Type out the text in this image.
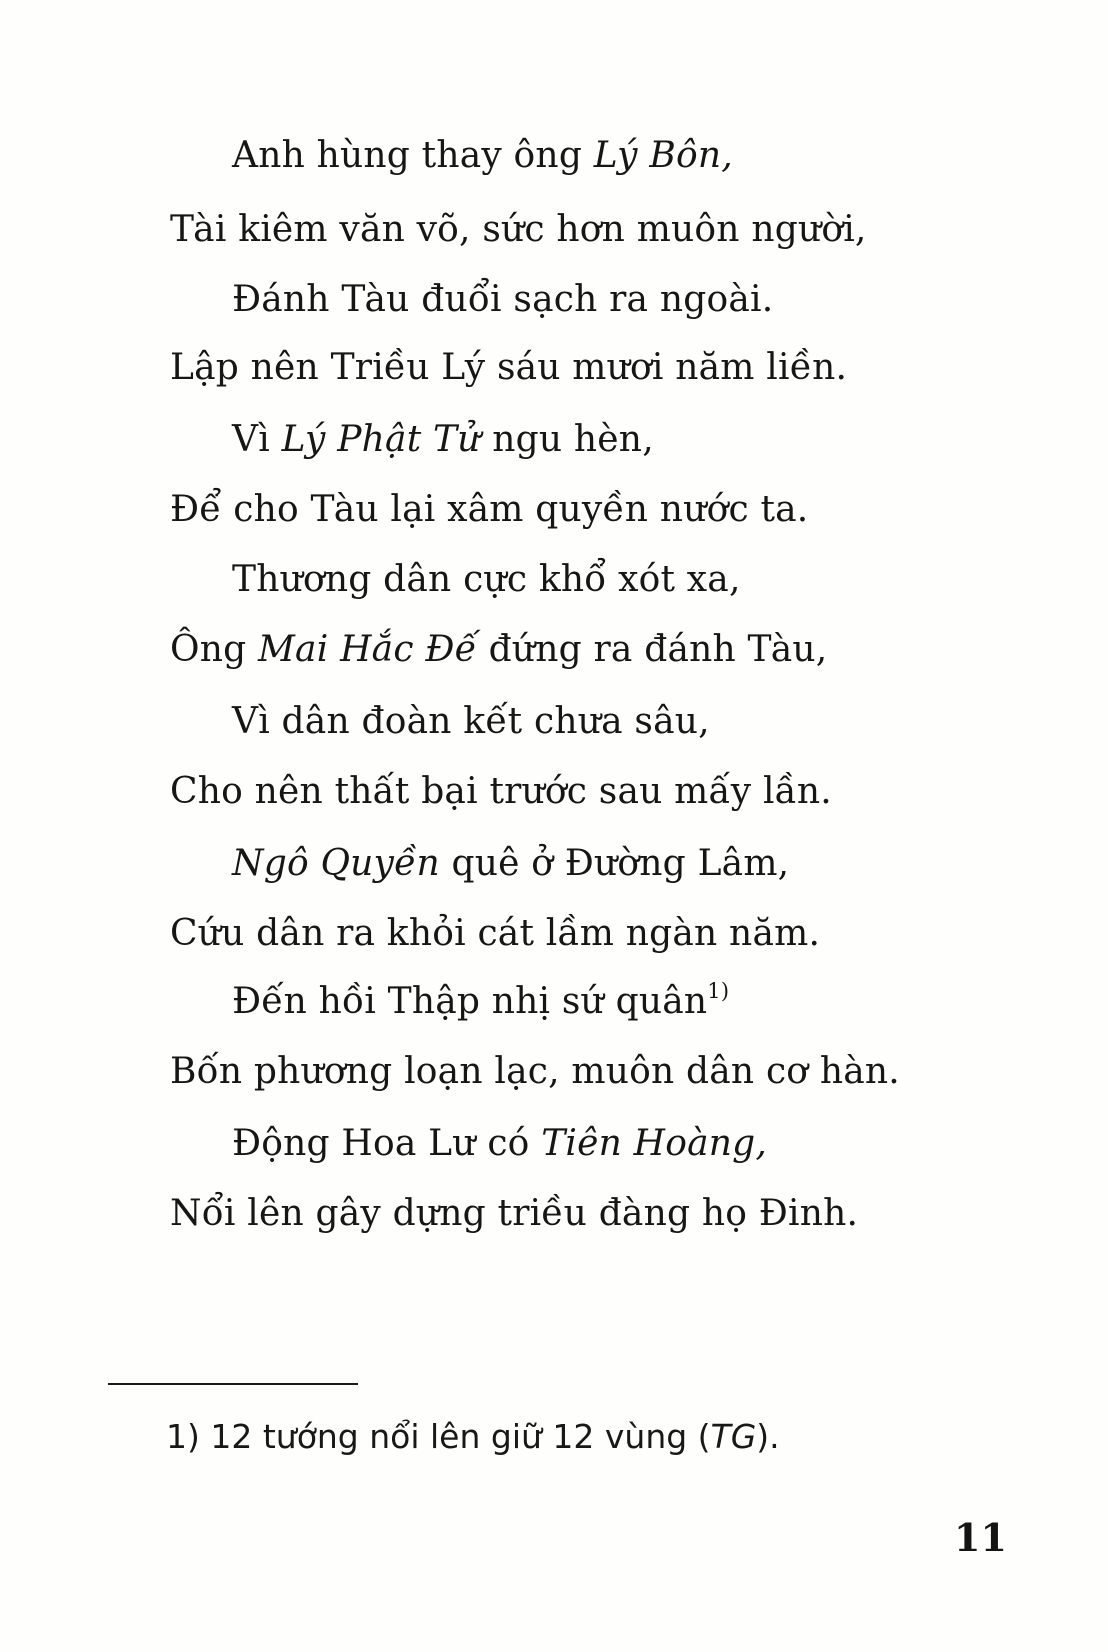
Anh hùng thay ông Lý Bôn,
Tài kiêm văn võ, sức hơn muôn người,
Đánh Tàu đuổi sạch ra ngoài.
Lập nên Triều Lý sáu mươi năm liền.
Vì Lý Phật Tử ngu hèn,
Để cho Tàu lại xâm quyền nước ta.
Thương dân cực khổ xót xa,
Ông Mai Hắc Đế đứng ra đánh Tàu,
Vì dân đoàn kết chưa sâu,
Cho nên thất bại trước sau mấy lần.
Ngô Quyền quê ở Đường Lâm,
Cứu dân ra khỏi cát lầm ngàn năm.
Đến hồi Thập nhị sứ quân$^{1)}$
Bốn phương loạn lạc, muôn dân cơ hàn.
Động Hoa Lư có Tiên Hoàng,
Nổi lên gây dựng triều đàng họ Đinh.
1) 12 tướng nổi lên giữ 12 vùng (TG).
11
